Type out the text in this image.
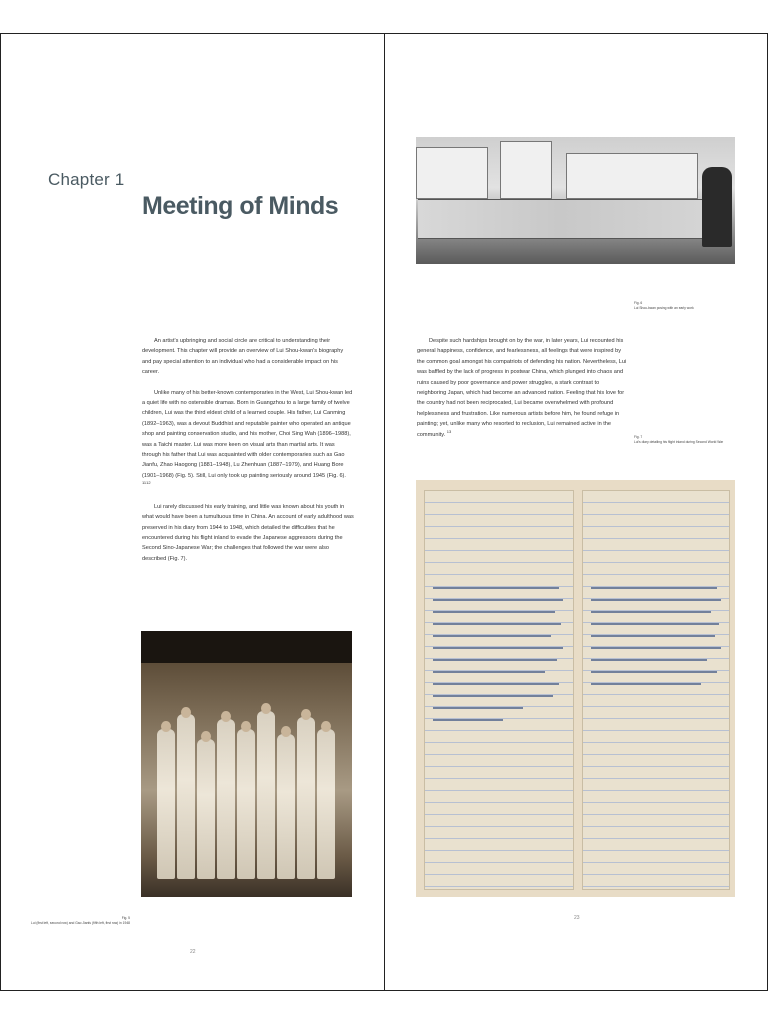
Chapter 1
Meeting of Minds

An artist's upbringing and social circle are critical to understanding their development. This chapter will provide an overview of Lui Shou-kwan's biography and pay special attention to an individual who had a considerable impact on his career.

Unlike many of his better-known contemporaries in the West, Lui Shou-kwan led a quiet life with no ostensible dramas. Born in Guangzhou to a large family of twelve children, Lui was the third eldest child of a learned couple. His father, Lui Canming (1892–1963), was a devout Buddhist and reputable painter who operated an antique shop and painting conservation studio, and his mother, Choi Sing Wah (1896–1988), was a Taichi master. Lui was more keen on visual arts than martial arts. It was through his father that Lui was acquainted with older contemporaries such as Gao Jianfu, Zhao Haogong (1881–1948), Lu Zhenhuan (1887–1979), and Huang Bore (1901–1968) (Fig. 5). Still, Lui only took up painting seriously around 1945 (Fig. 6). $^{1112}$

Lui rarely discussed his early training, and little was known about his youth in what would have been a tumultuous time in China. An account of early adulthood was preserved in his diary from 1944 to 1948, which detailed the difficulties that he encountered during his flight inland to evade the Japanese aggressors during the Second Sino-Japanese War; the challenges that followed the war were also described (Fig. 7).

Fig. 5
Lui (first left, second row) and Gao Jianfu (fifth left, first row) in 1948
22

Despite such hardships brought on by the war, in later years, Lui recounted his general happiness, confidence, and fearlessness, all feelings that were inspired by the common goal amongst his compatriots of defending his nation. Nevertheless, Lui was baffled by the lack of progress in postwar China, which plunged into chaos and ruins caused by poor governance and power struggles, a stark contrast to neighboring Japan, which had become an advanced nation. Feeling that his love for the country had not been reciprocated, Lui became overwhelmed with profound helplessness and frustration. Like numerous artists before him, he found refuge in painting; yet, unlike many who resorted to reclusion, Lui remained active in the community. $^{13}$

Fig. 6
Lui Shou-kwan posing with an early work
Fig. 7
Lui's diary detailing his flight inland during Second World War
23
